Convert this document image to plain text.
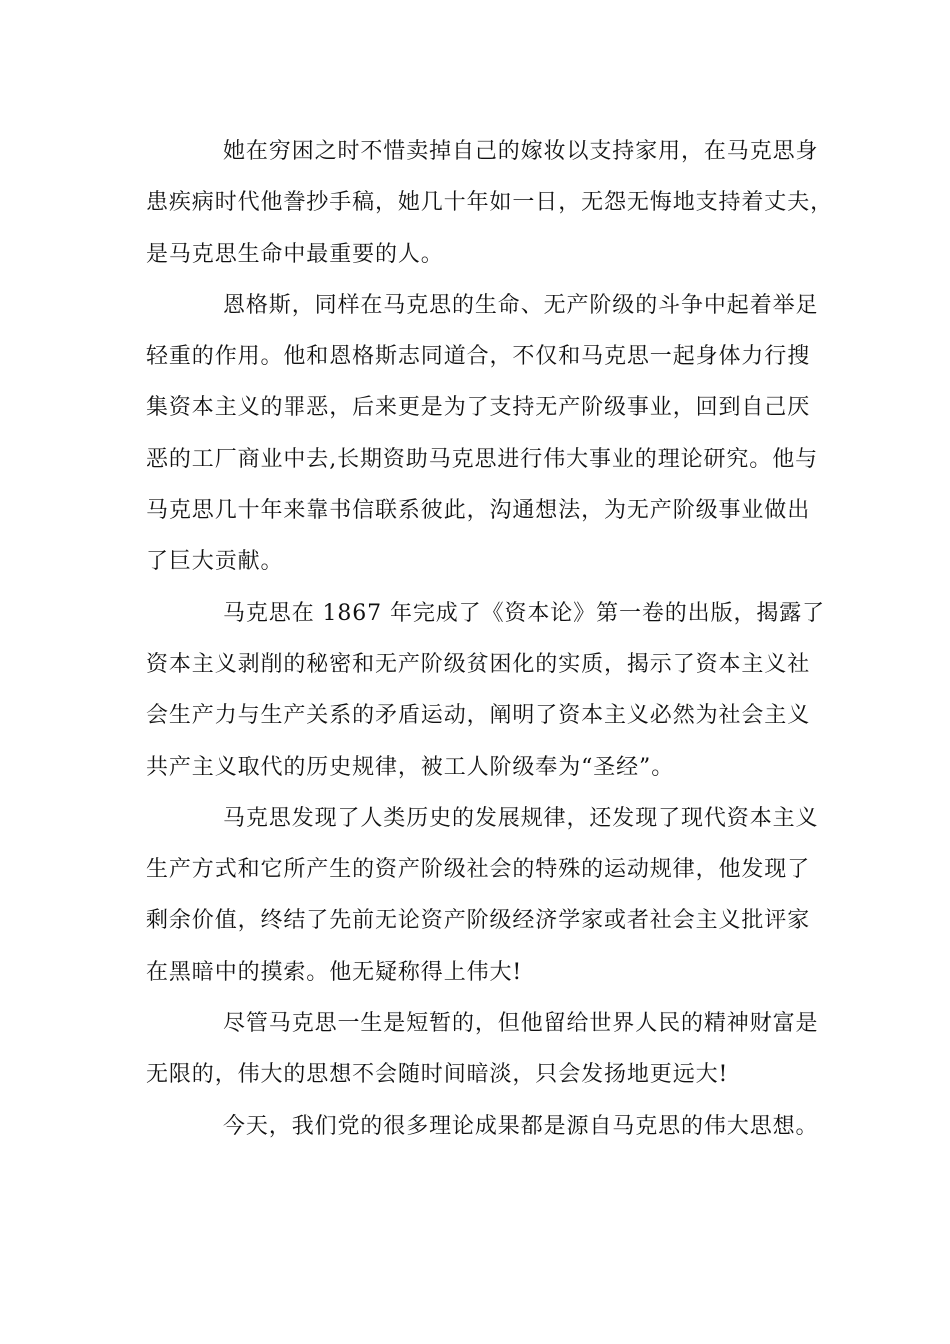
她在穷困之时不惜卖掉自己的嫁妆以支持家用，在马克思身
患疾病时代他誊抄手稿，她几十年如一日，无怨无悔地支持着丈夫，
是马克思生命中最重要的人。

恩格斯，同样在马克思的生命、无产阶级的斗争中起着举足
轻重的作用。他和恩格斯志同道合，不仅和马克思一起身体力行搜
集资本主义的罪恶，后来更是为了支持无产阶级事业，回到自己厌
恶的工厂商业中去,长期资助马克思进行伟大事业的理论研究。他与
马克思几十年来靠书信联系彼此，沟通想法，为无产阶级事业做出
了巨大贡献。

马克思在 1867 年完成了《资本论》第一卷的出版，揭露了
资本主义剥削的秘密和无产阶级贫困化的实质，揭示了资本主义社
会生产力与生产关系的矛盾运动，阐明了资本主义必然为社会主义
共产主义取代的历史规律，被工人阶级奉为“圣经”。

马克思发现了人类历史的发展规律，还发现了现代资本主义
生产方式和它所产生的资产阶级社会的特殊的运动规律，他发现了
剩余价值，终结了先前无论资产阶级经济学家或者社会主义批评家
在黑暗中的摸索。他无疑称得上伟大!

尽管马克思一生是短暂的，但他留给世界人民的精神财富是
无限的，伟大的思想不会随时间暗淡，只会发扬地更远大!

今天，我们党的很多理论成果都是源自马克思的伟大思想。
